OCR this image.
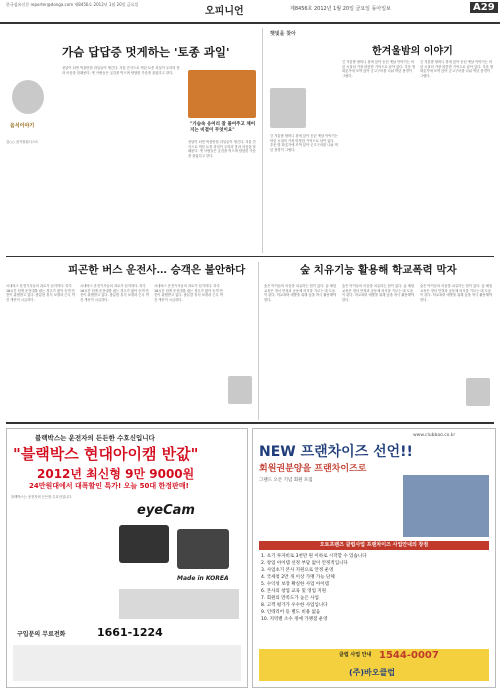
한국섬유신문 reporter@donga.com 제8456호 2012년 1월 20일 금요일
오피니언	제8456호 2012년 1월 20일 금요일 동아일보	A29
음식이야기

김○○ 음식칼럼니스트

가슴 답답증 멋게하는 '토종 과일'

섣달이 되면 먹을만한 과일들이 생긴다. 겨울 간식으로 먹던 토종 과일이 우리의 몸과 마음을 달래준다. 옛 사람들은 곶감을 먹으며 답답한 가슴을 풀었다고 한다.

"가슴속 응어리 잘 풀어주고 체어지는 비결이 무엇이요"

섣달이 되면 먹을만한 과일들이 생긴다. 겨울 간식으로 먹던 토종 과일이 우리의 몸과 마음을 달래준다. 옛 사람들은 곶감을 먹으며 답답한 가슴을 풀었다고 한다.

햇빛을 찾아
한겨울밤의 이야기

긴 겨울밤 할머니 곁에 앉아 듣던 옛날 이야기는 어린 시절의 가장 따뜻한 기억으로 남아 있다. 추운 밤 화롯가에 모여 앉아 군고구마를 나눠 먹던 풍경이 그립다.

긴 겨울밤 할머니 곁에 앉아 듣던 옛날 이야기는 어린 시절의 가장 따뜻한 기억으로 남아 있다. 추운 밤 화롯가에 모여 앉아 군고구마를 나눠 먹던 풍경이 그립다.

긴 겨울밤 할머니 곁에 앉아 듣던 옛날 이야기는 어린 시절의 가장 따뜻한 기억으로 남아 있다. 추운 밤 화롯가에 모여 앉아 군고구마를 나눠 먹던 풍경이 그립다.

피곤한 버스 운전사… 승객은 불안하다

시내버스 운전기사들의 과로가 심각하다. 하루 16시간 넘게 운전대를 잡는 경우가 많아 승객 안전이 위협받고 있다. 충분한 휴식 보장과 근무 여건 개선이 시급하다.

시내버스 운전기사들의 과로가 심각하다. 하루 16시간 넘게 운전대를 잡는 경우가 많아 승객 안전이 위협받고 있다. 충분한 휴식 보장과 근무 여건 개선이 시급하다.

시내버스 운전기사들의 과로가 심각하다. 하루 16시간 넘게 운전대를 잡는 경우가 많아 승객 안전이 위협받고 있다. 충분한 휴식 보장과 근무 여건 개선이 시급하다.

숲 치유기능 활용해 학교폭력 막자

숲은 아이들의 마음을 치유하는 힘이 있다. 숲 체험 교육은 정서 안정과 공동체 의식을 기르는 데 도움이 된다. 학교폭력 예방을 위해 숲을 적극 활용해야 한다.

숲은 아이들의 마음을 치유하는 힘이 있다. 숲 체험 교육은 정서 안정과 공동체 의식을 기르는 데 도움이 된다. 학교폭력 예방을 위해 숲을 적극 활용해야 한다.

숲은 아이들의 마음을 치유하는 힘이 있다. 숲 체험 교육은 정서 안정과 공동체 의식을 기르는 데 도움이 된다. 학교폭력 예방을 위해 숲을 적극 활용해야 한다.

블랙박스는 운전자의 든든한 수호신입니다
"블랙박스 현대아이캠 반값"
2012년 최신형 9만 9000원
24만원대에서 대폭할인 특가! 오늘 50대 한정판매!

블랙박스는 운전자의 든든한 수호신입니다

eyeCam
Made in KOREA
구입문의 무료전화	1661-1224
www.clubbao.co.kr
NEW 프랜차이즈 선언!!
회원권분양을 프랜차이즈로
그랜드 오픈 기념 회원 모집
오토프렌즈 클럽사업 프랜차이즈 사업안내의 장점
1. 초기 투자비로 3천만 원 이하로 시작할 수 있습니다
2. 창업 아이템 선정 부담 없이 안정적입니다
3. 사업초기 본사 지원으로 안정 운영
4. 국세청 2만 개 이상 가맹 가능 단체
5. 수익성 보장 확실한 사업 아이템
6. 본사의 창업 교육 및 영업 지원
7. 회원의 만족도가 높은 사업
8. 고객 평가가 우수한 사업입니다
9. 인테리어 등 별도 비용 없음
10. 지역별 소수 정예 가맹점 운영
클럽 사업 안내 1544-0007
(주)바오클럽
